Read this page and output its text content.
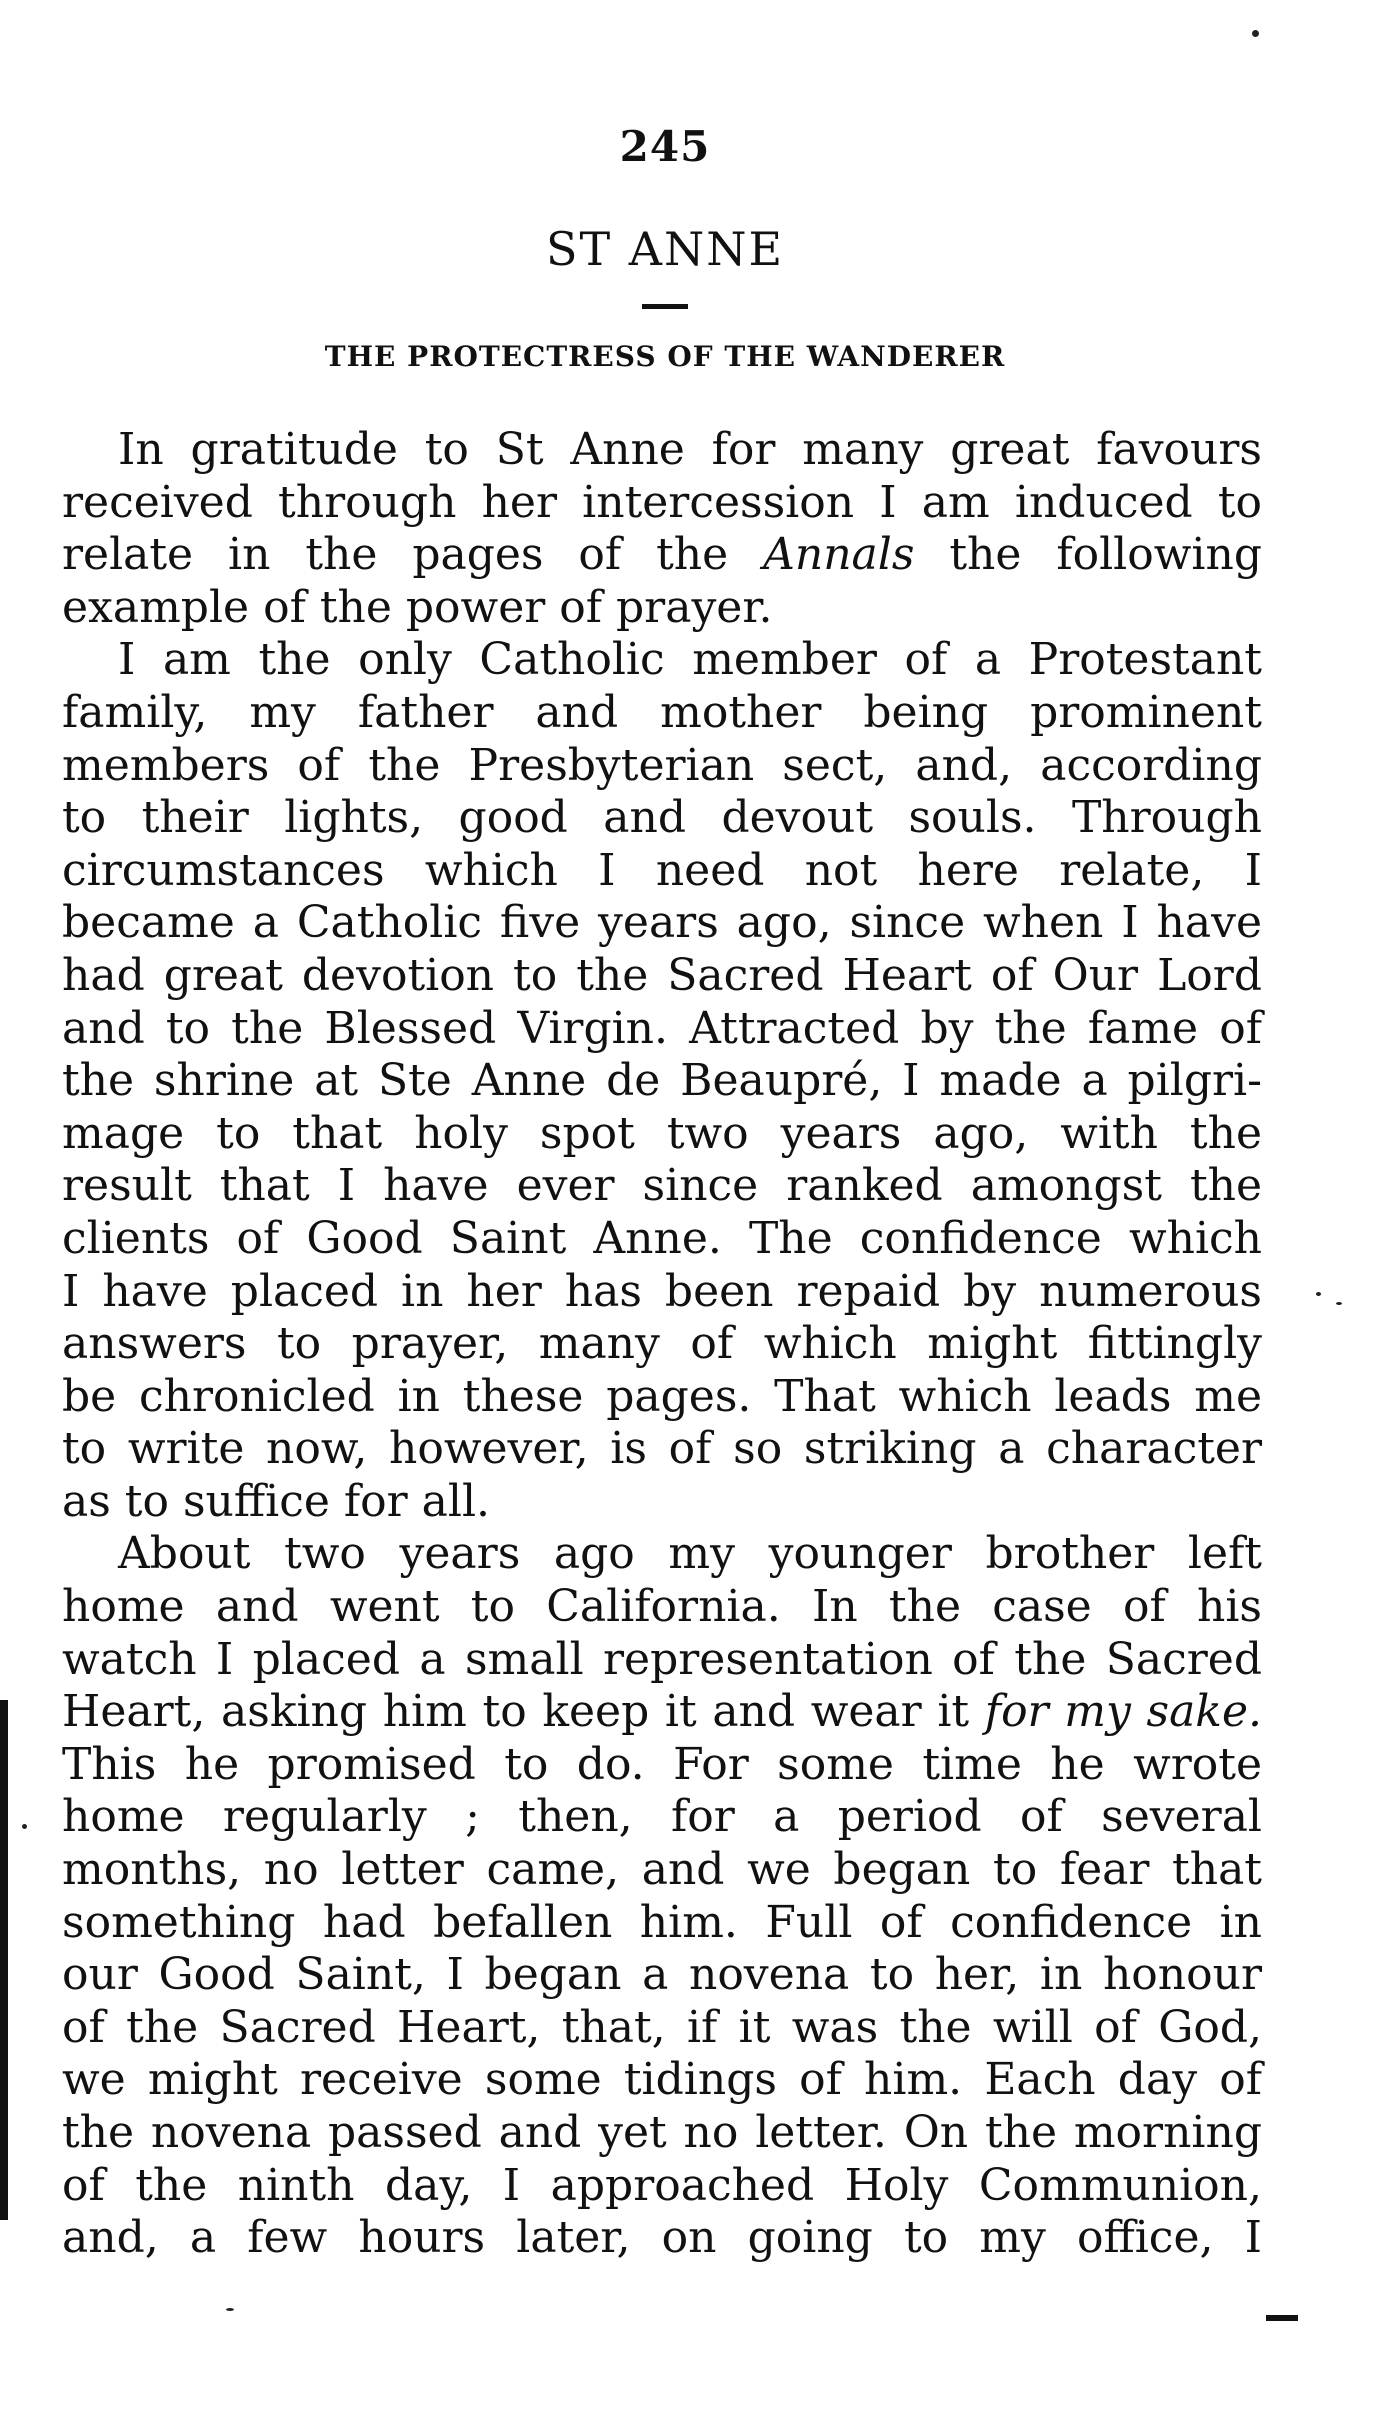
245
ST ANNE
THE PROTECTRESS OF THE WANDERER
In gratitude to St Anne for many great favours
received through her intercession I am induced to
relate in the pages of the Annals the following
example of the power of prayer.
I am the only Catholic member of a Protestant
family, my father and mother being prominent
members of the Presbyterian sect, and, according
to their lights, good and devout souls. Through
circumstances which I need not here relate, I
became a Catholic five years ago, since when I have
had great devotion to the Sacred Heart of Our Lord
and to the Blessed Virgin. Attracted by the fame of
the shrine at Ste Anne de Beaupré, I made a pilgri-
mage to that holy spot two years ago, with the
result that I have ever since ranked amongst the
clients of Good Saint Anne. The confidence which
I have placed in her has been repaid by numerous
answers to prayer, many of which might fittingly
be chronicled in these pages. That which leads me
to write now, however, is of so striking a character
as to suffice for all.
About two years ago my younger brother left
home and went to California. In the case of his
watch I placed a small representation of the Sacred
Heart, asking him to keep it and wear it for my sake.
This he promised to do. For some time he wrote
home regularly ; then, for a period of several
months, no letter came, and we began to fear that
something had befallen him. Full of confidence in
our Good Saint, I began a novena to her, in honour
of the Sacred Heart, that, if it was the will of God,
we might receive some tidings of him. Each day of
the novena passed and yet no letter. On the morning
of the ninth day, I approached Holy Communion,
and, a few hours later, on going to my office, I
